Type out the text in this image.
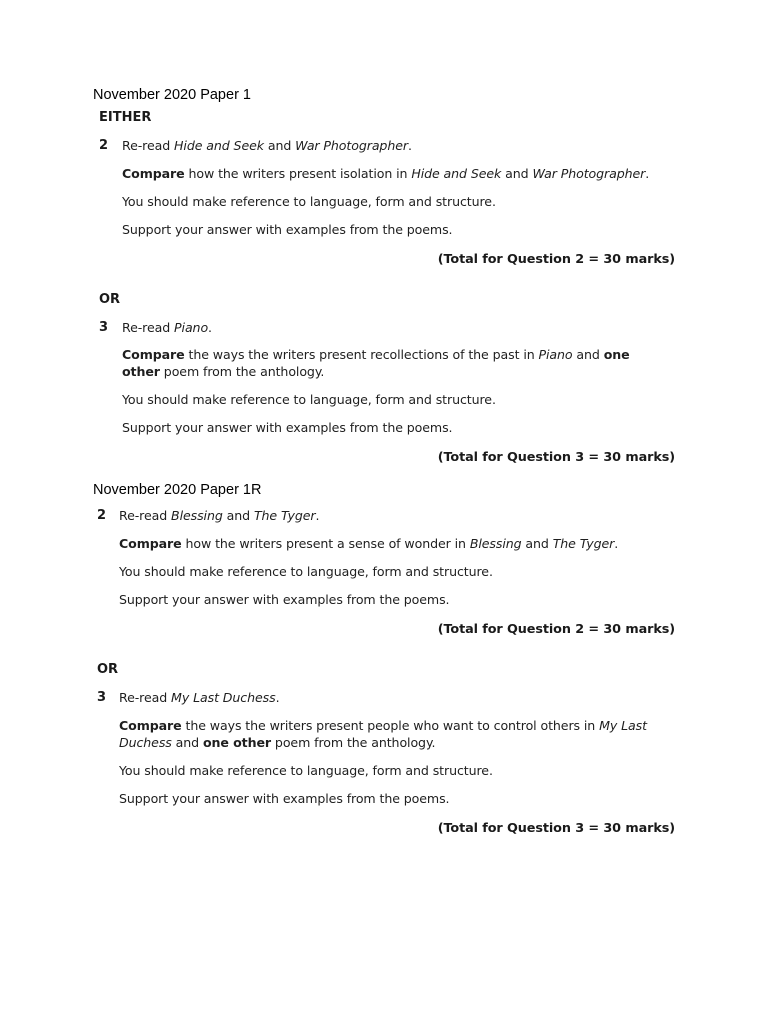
November 2020 Paper 1
EITHER
2 Re-read Hide and Seek and War Photographer.
Compare how the writers present isolation in Hide and Seek and War Photographer.
You should make reference to language, form and structure.
Support your answer with examples from the poems.
(Total for Question 2 = 30 marks)
OR
3 Re-read Piano.
Compare the ways the writers present recollections of the past in Piano and one
other poem from the anthology.
You should make reference to language, form and structure.
Support your answer with examples from the poems.
(Total for Question 3 = 30 marks)
November 2020 Paper 1R
2 Re-read Blessing and The Tyger.
Compare how the writers present a sense of wonder in Blessing and The Tyger.
You should make reference to language, form and structure.
Support your answer with examples from the poems.
(Total for Question 2 = 30 marks)
OR
3 Re-read My Last Duchess.
Compare the ways the writers present people who want to control others in My Last
Duchess and one other poem from the anthology.
You should make reference to language, form and structure.
Support your answer with examples from the poems.
(Total for Question 3 = 30 marks)
